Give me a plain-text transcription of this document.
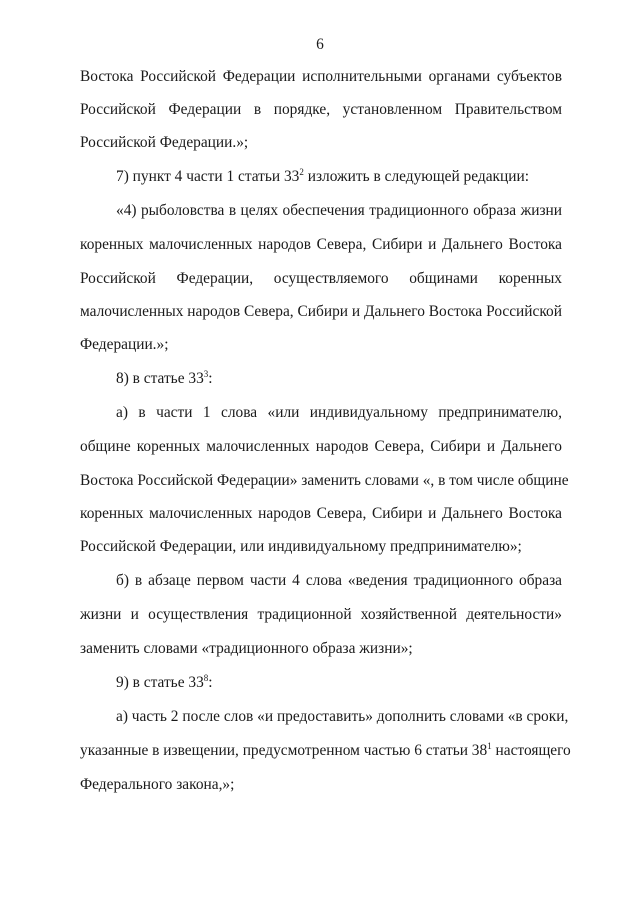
6
Востока Российской Федерации исполнительными органами субъектов
Российской Федерации в порядке, установленном Правительством
Российской Федерации.»;
7) пункт 4 части 1 статьи $33^2$ изложить в следующей редакции:
«4) рыболовства в целях обеспечения традиционного образа жизни
коренных малочисленных народов Севера, Сибири и Дальнего Востока
Российской Федерации, осуществляемого общинами коренных
малочисленных народов Севера, Сибири и Дальнего Востока Российской
Федерации.»;
8) в статье $33^3$:
а) в части 1 слова «или индивидуальному предпринимателю,
общине коренных малочисленных народов Севера, Сибири и Дальнего
Востока Российской Федерации» заменить словами «, в том числе общине
коренных малочисленных народов Севера, Сибири и Дальнего Востока
Российской Федерации, или индивидуальному предпринимателю»;
б) в абзаце первом части 4 слова «ведения традиционного образа
жизни и осуществления традиционной хозяйственной деятельности»
заменить словами «традиционного образа жизни»;
9) в статье $33^8$:
а) часть 2 после слов «и предоставить» дополнить словами «в сроки,
указанные в извещении, предусмотренном частью 6 статьи $38^1$ настоящего
Федерального закона,»;
